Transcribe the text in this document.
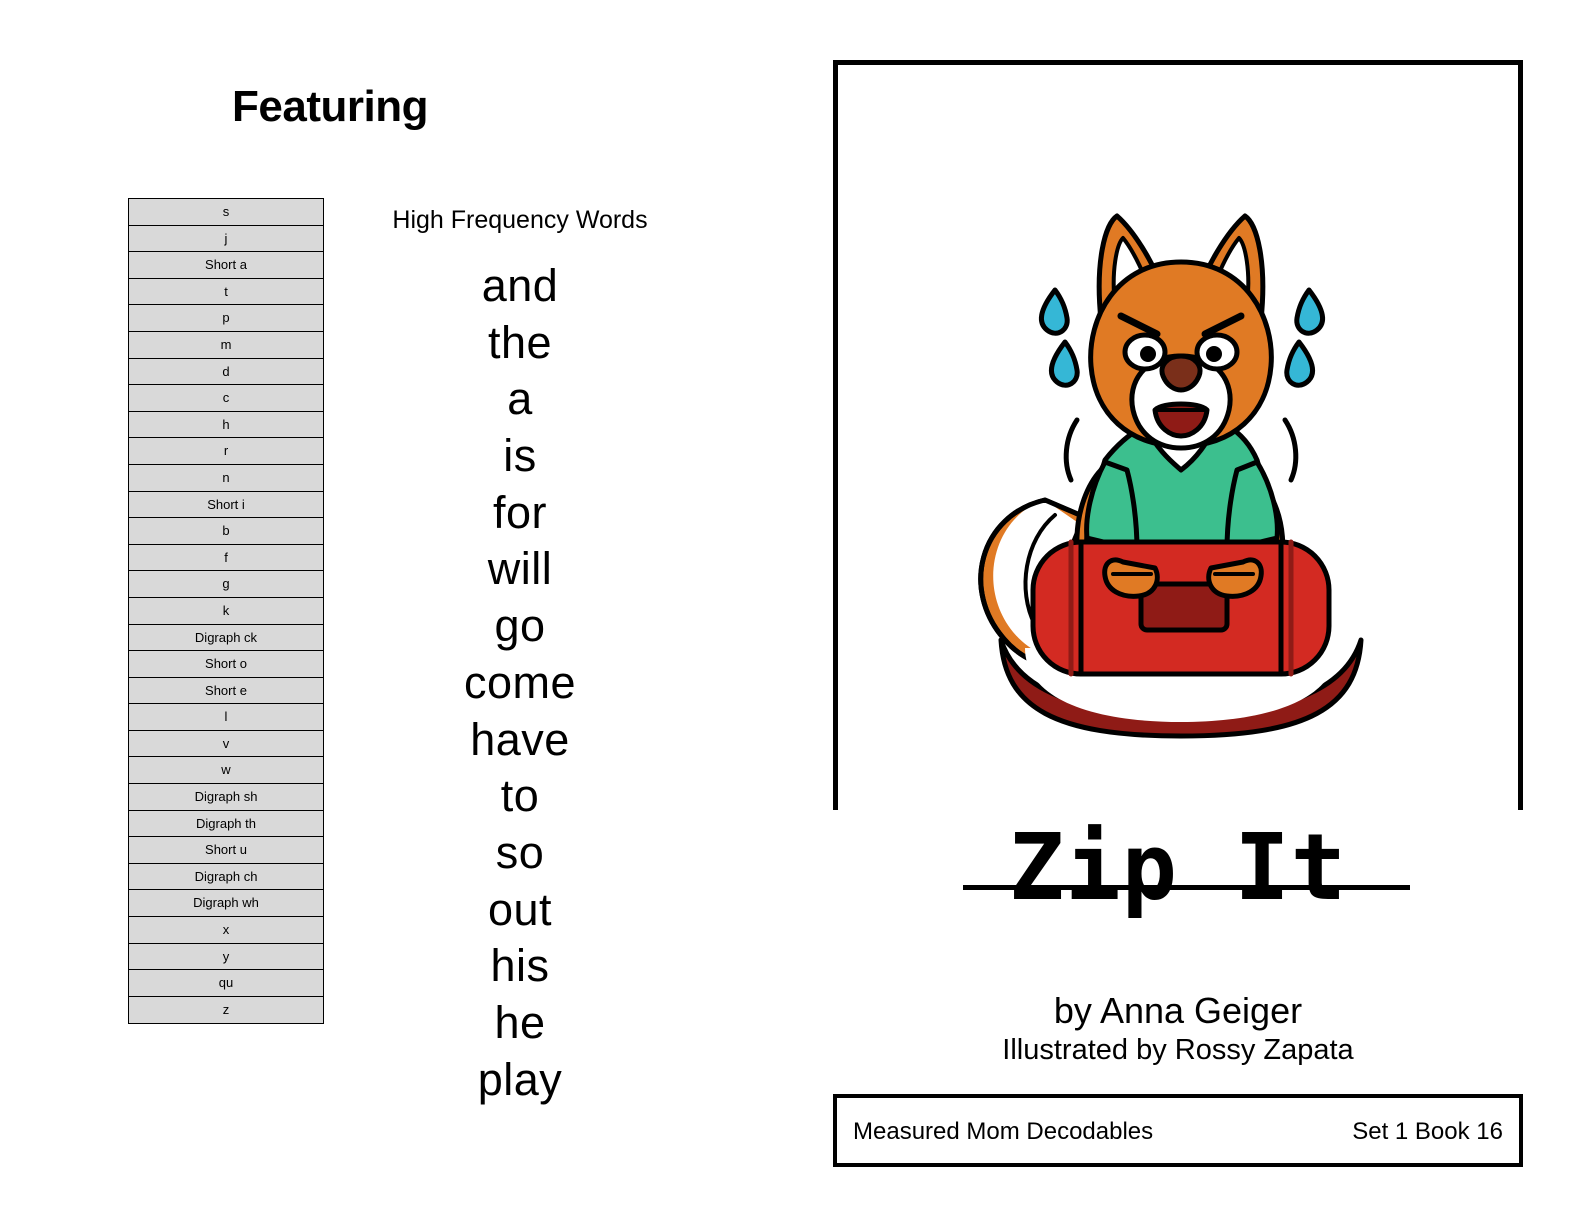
Featuring
s
j
Short a
t
p
m
d
c
h
r
n
Short i
b
f
g
k
Digraph ck
Short o
Short e
l
v
w
Digraph sh
Digraph th
Short u
Digraph ch
Digraph wh
x
y
qu
z
High Frequency Words
and
the
a
is
for
will
go
come
have
to
so
out
his
he
play
Zip It
by Anna Geiger
Illustrated by Rossy Zapata
Measured Mom Decodables	Set 1 Book 16
